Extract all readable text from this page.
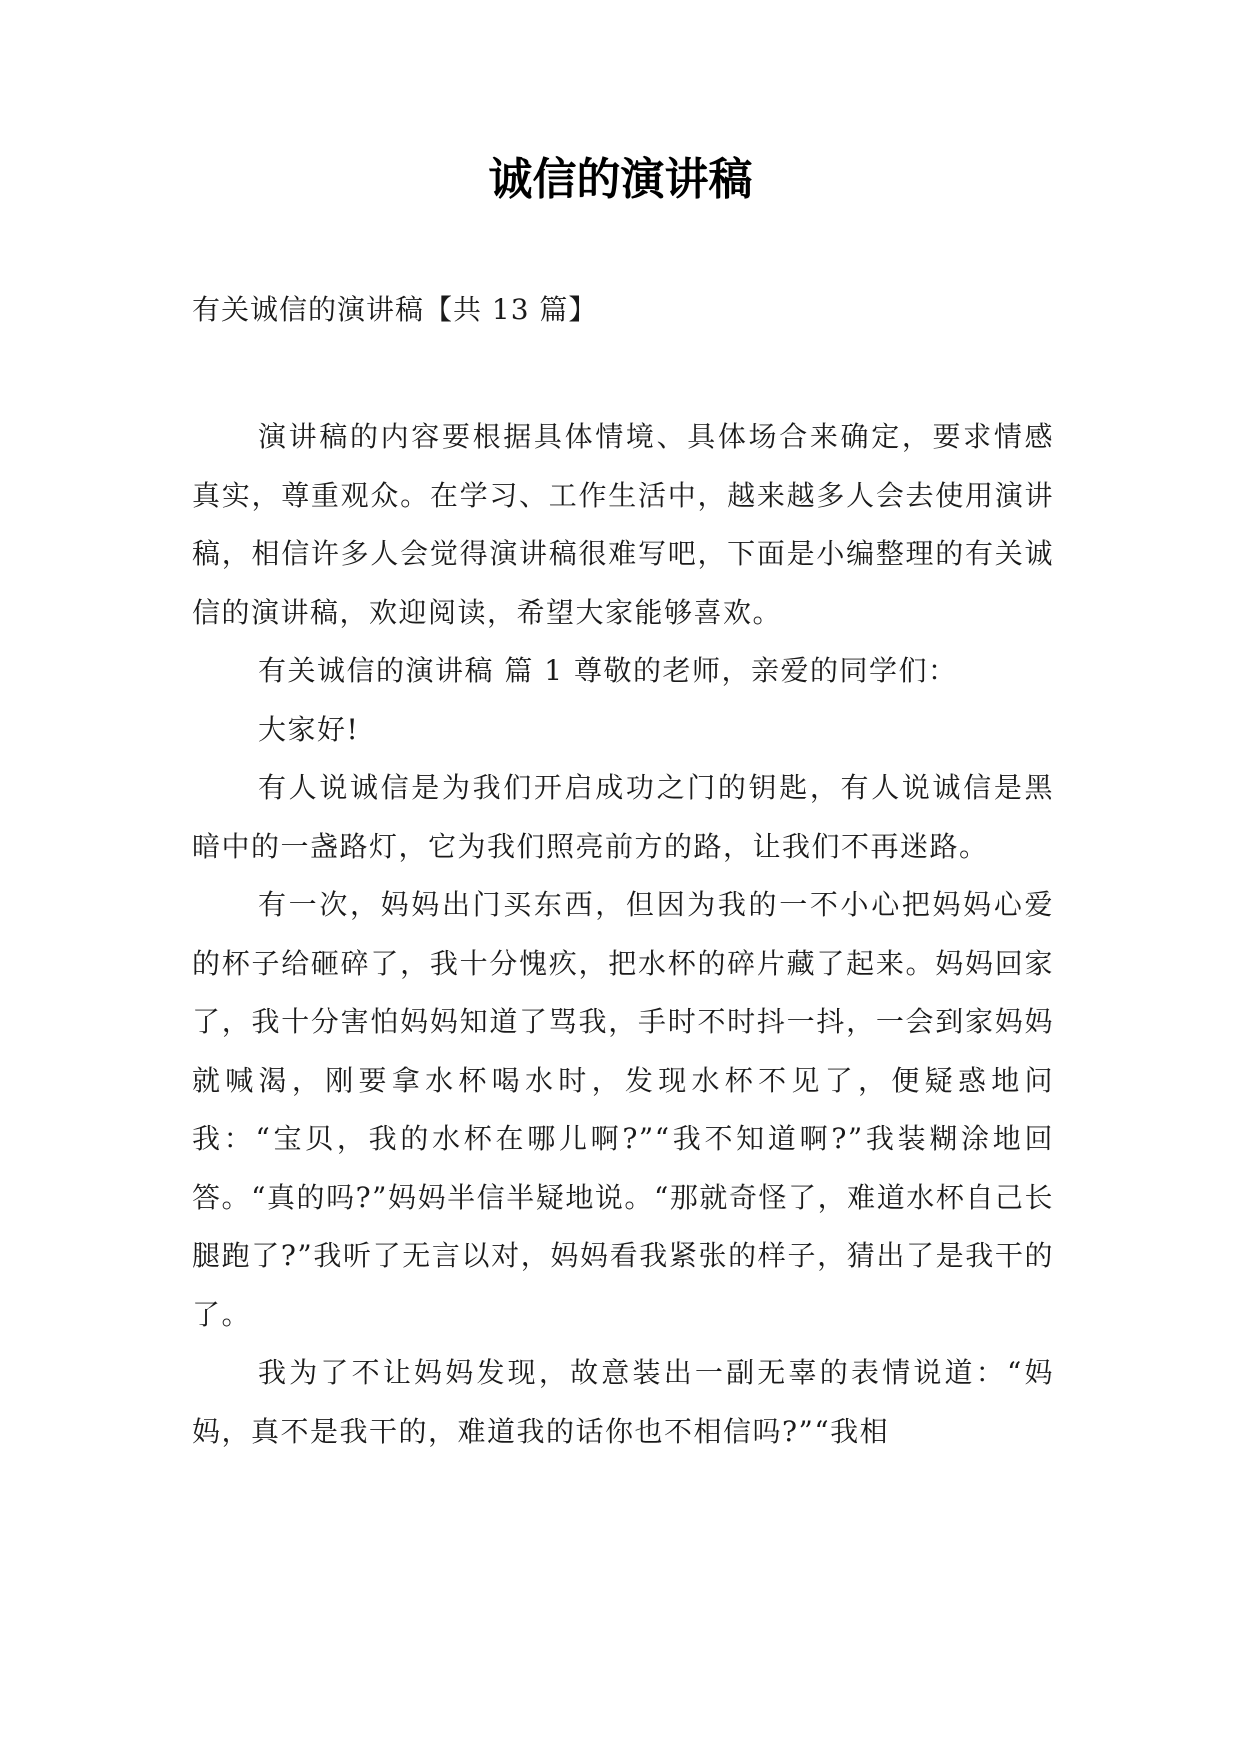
诚信的演讲稿

有关诚信的演讲稿【共 13 篇】

演讲稿的内容要根据具体情境、具体场合来确定，要求情感真实，尊重观众。在学习、工作生活中，越来越多人会去使用演讲稿，相信许多人会觉得演讲稿很难写吧，下面是小编整理的有关诚信的演讲稿，欢迎阅读，希望大家能够喜欢。

有关诚信的演讲稿 篇 1 尊敬的老师，亲爱的同学们：

大家好!

有人说诚信是为我们开启成功之门的钥匙，有人说诚信是黑暗中的一盏路灯，它为我们照亮前方的路，让我们不再迷路。

有一次，妈妈出门买东西，但因为我的一不小心把妈妈心爱的杯子给砸碎了，我十分愧疚，把水杯的碎片藏了起来。妈妈回家了，我十分害怕妈妈知道了骂我，手时不时抖一抖，一会到家妈妈就喊渴，刚要拿水杯喝水时，发现水杯不见了，便疑惑地问我：“宝贝，我的水杯在哪儿啊?”“我不知道啊?”我装糊涂地回答。“真的吗?”妈妈半信半疑地说。“那就奇怪了，难道水杯自己长腿跑了?”我听了无言以对，妈妈看我紧张的样子，猜出了是我干的了。

我为了不让妈妈发现，故意装出一副无辜的表情说道：“妈妈，真不是我干的，难道我的话你也不相信吗?”“我相
